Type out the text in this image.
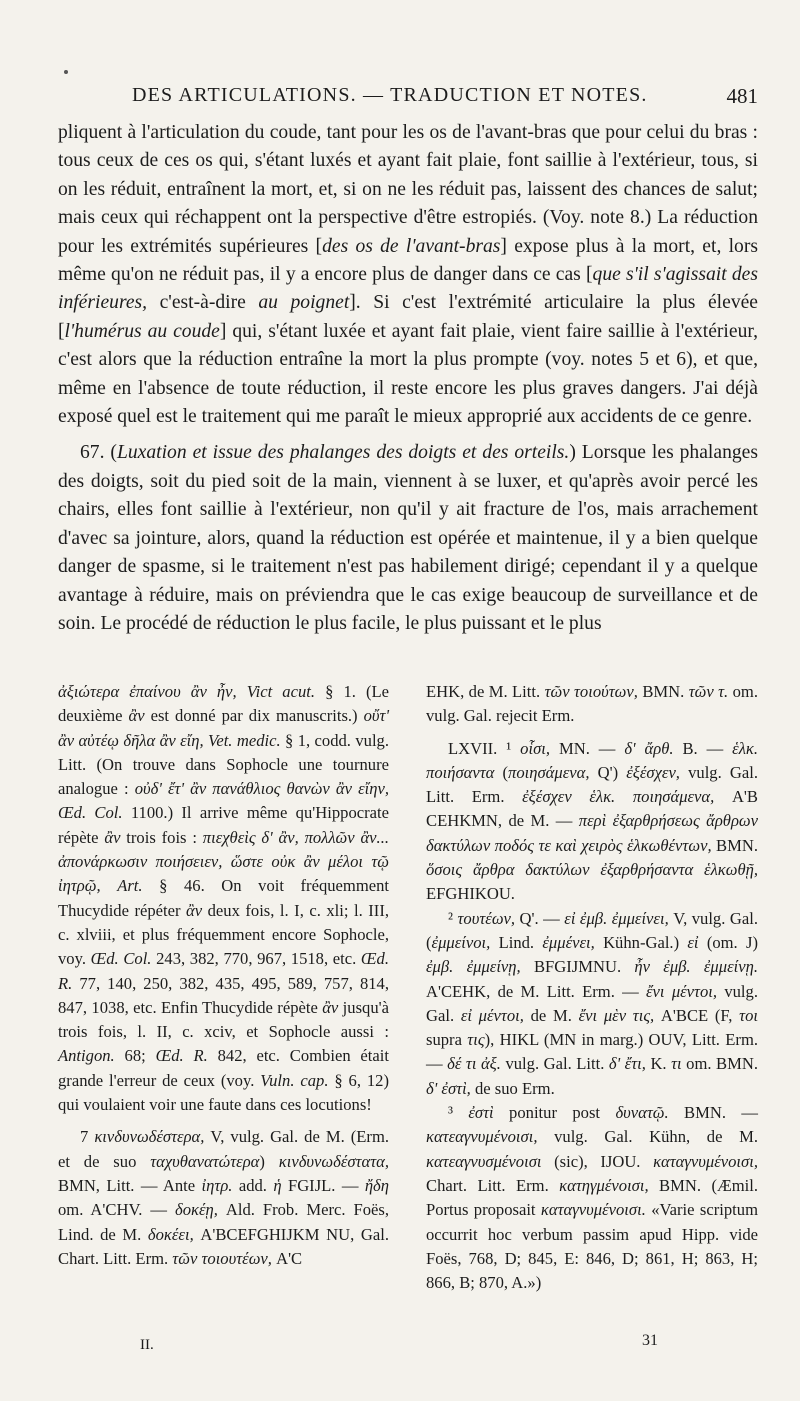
DES ARTICULATIONS. — TRADUCTION ET NOTES.	481

pliquent à l'articulation du coude, tant pour les os de l'avant-bras que pour celui du bras : tous ceux de ces os qui, s'étant luxés et ayant fait plaie, font saillie à l'extérieur, tous, si on les réduit, entraînent la mort, et, si on ne les réduit pas, laissent des chances de salut; mais ceux qui réchappent ont la perspective d'être estropiés. (Voy. note 8.) La réduction pour les extrémités supérieures [des os de l'avant-bras] expose plus à la mort, et, lors même qu'on ne réduit pas, il y a encore plus de danger dans ce cas [que s'il s'agissait des inférieures, c'est-à-dire au poignet]. Si c'est l'extrémité articulaire la plus élevée [l'humérus au coude] qui, s'étant luxée et ayant fait plaie, vient faire saillie à l'extérieur, c'est alors que la réduction entraîne la mort la plus prompte (voy. notes 5 et 6), et que, même en l'absence de toute réduction, il reste encore les plus graves dangers. J'ai déjà exposé quel est le traitement qui me paraît le mieux approprié aux accidents de ce genre.

67. (Luxation et issue des phalanges des doigts et des orteils.) Lorsque les phalanges des doigts, soit du pied soit de la main, viennent à se luxer, et qu'après avoir percé les chairs, elles font saillie à l'extérieur, non qu'il y ait fracture de l'os, mais arrachement d'avec sa jointure, alors, quand la réduction est opérée et maintenue, il y a bien quelque danger de spasme, si le traitement n'est pas habilement dirigé; cependant il y a quelque avantage à réduire, mais on préviendra que le cas exige beaucoup de surveillance et de soin. Le procédé de réduction le plus facile, le plus puissant et le plus

ἀξιώτερα ἐπαίνου ἂν ἦν, Vict acut. § 1. (Le deuxième ἂν est donné par dix manuscrits.) οὔτ' ἂν αὐτέῳ δῆλα ἂν εἴη, Vet. medic. § 1, codd. vulg. Litt. (On trouve dans Sophocle une tournure analogue : οὐδ' ἔτ' ἂν πανάθλιος θανὼν ἂν εἴην, Œd. Col. 1100.) Il arrive même qu'Hippocrate répète ἂν trois fois : πιεχθεὶς δ' ἂν, πολλῶν ἂν... ἀπονάρκωσιν ποιήσειεν, ὥστε οὐκ ἂν μέλοι τῷ ἰητρῷ, Art. § 46. On voit fréquemment Thucydide répéter ἂν deux fois, l. I, c. xli; l. III, c. xlviii, et plus fréquemment encore Sophocle, voy. Œd. Col. 243, 382, 770, 967, 1518, etc. Œd. R. 77, 140, 250, 382, 435, 495, 589, 757, 814, 847, 1038, etc. Enfin Thucydide répète ἂν jusqu'à trois fois, l. II, c. xciv, et Sophocle aussi : Antigon. 68; Œd. R. 842, etc. Combien était grande l'erreur de ceux (voy. Vuln. cap. § 6, 12) qui voulaient voir une faute dans ces locutions!

7 κινδυνωδέστερα, V, vulg. Gal. de M. (Erm. et de suo ταχυθανατώτερα) κινδυνωδέστατα, BMN, Litt. — Ante ἰητρ. add. ἡ FGIJL. — ἤδη om. A'CHV. — δοκέῃ, Ald. Frob. Merc. Foës, Lind. de M. δοκέει, A'BCEFGHIJKM NU, Gal. Chart. Litt. Erm. τῶν τοιουτέων, A'C

EHK, de M. Litt. τῶν τοιούτων, BMN. τῶν τ. om. vulg. Gal. rejecit Erm.

LXVII. ¹ οἷσι, MN. — δ' ἄρθ. B. — ἑλκ. ποιήσαντα (ποιησάμενα, Q') ἐξέσχεν, vulg. Gal. Litt. Erm. ἐξέσχεν ἑλκ. ποιησάμενα, A'B CEHKMN, de M. — περὶ ἐξαρθρήσεως ἄρθρων δακτύλων ποδός τε καὶ χειρὸς ἑλκωθέντων, BMN. ὅσοις ἄρθρα δακτύλων ἐξαρθρήσαντα ἑλκωθῇ, EFGHIKOU.

² τουτέων, Q'. — εἰ ἐμβ. ἐμμείνει, V, vulg. Gal. (ἐμμείνοι, Lind. ἐμμένει, Kühn-Gal.) εἰ (om. J) ἐμβ. ἐμμείνῃ, BFGIJMNU. ἦν ἐμβ. ἐμμείνῃ. A'CEHK, de M. Litt. Erm. — ἔνι μέντοι, vulg. Gal. εἰ μέντοι, de M. ἔνι μὲν τις, A'BCE (F, τοι supra τις), HIKL (MN in marg.) OUV, Litt. Erm. — δέ τι ἀξ. vulg. Gal. Litt. δ' ἔτι, K. τι om. BMN. δ' ἐστὶ, de suo Erm.

³ ἐστὶ ponitur post δυνατῷ. BMN. — κατεαγνυμένοισι, vulg. Gal. Kühn, de M. κατεαγνυσμένοισι (sic), IJOU. καταγνυμένοισι, Chart. Litt. Erm. κατηγμένοισι, BMN. (Æmil. Portus proposait καταγνυμένοισι. «Varie scriptum occurrit hoc verbum passim apud Hipp. vide Foës, 768, D; 845, E: 846, D; 861, H; 863, H; 866, B; 870, A.»)

II.	31
